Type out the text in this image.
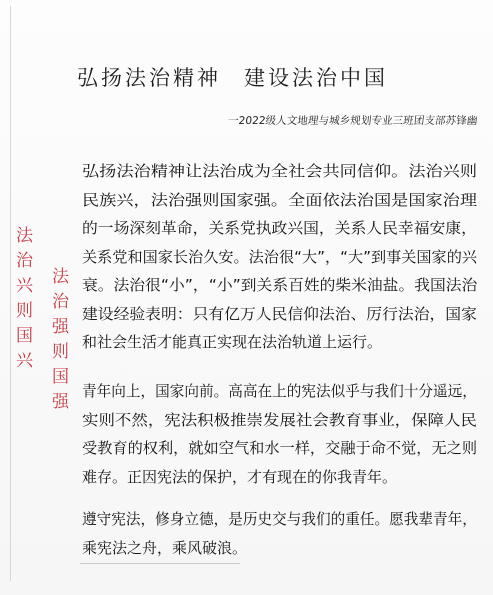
弘扬法治精神 建设法治中国
一2022级人文地理与城乡规划专业三班团支部苏锋幽
法
治
兴
则
国
兴
法
治
强
则
国
强
弘扬法治精神让法治成为全社会共同信仰。法治兴则
民族兴，法治强则国家强。全面依法治国是国家治理
的一场深刻革命，关系党执政兴国，关系人民幸福安康，
关系党和国家长治久安。法治很“大”，“大”到事关国家的兴
衰。法治很“小”，“小”到关系百姓的柴米油盐。我国法治
建设经验表明：只有亿万人民信仰法治、厉行法治，国家
和社会生活才能真正实现在法治轨道上运行。
青年向上，国家向前。高高在上的宪法似乎与我们十分遥远，
实则不然，宪法积极推崇发展社会教育事业，保障人民
受教育的权利，就如空气和水一样，交融于命不觉，无之则
难存。正因宪法的保护，才有现在的你我青年。
遵守宪法，修身立德，是历史交与我们的重任。愿我辈青年，
乘宪法之舟，乘风破浪。
